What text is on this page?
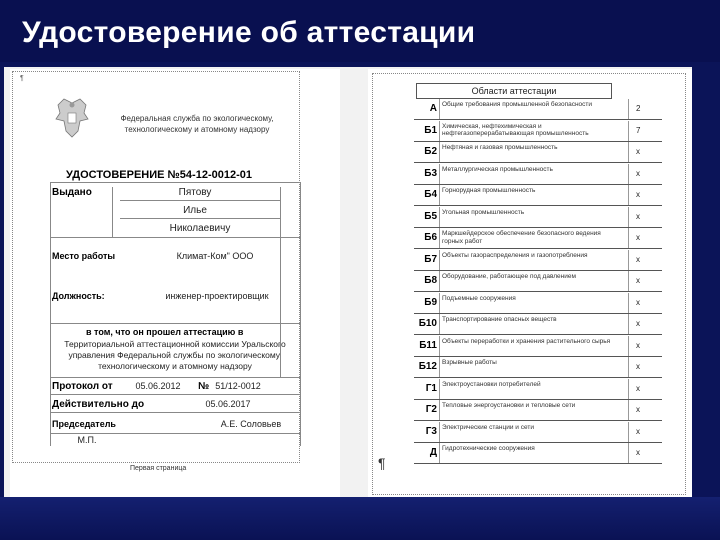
Удостоверение об аттестации
¶
Федеральная служба по экологическому, технологическому и атомному надзору
УДОСТОВЕРЕНИЕ №54-12-0012-01
Выдано	Пятову
Илье
Николаевичу
Место работы	Климат-Ком" ООО
Должность:	инженер-проектировщик
в том, что он прошел аттестацию в
Территориальной аттестационной комиссии Уральского управления Федеральной службы по экологическому, технологическому и атомному надзору
Протокол от	05.06.2012	№ 51/12-0012
Действительно до	05.06.2017
Председатель	А.Е. Соловьев
М.П.
Первая страница
Области аттестации
А Общие требования промышленной безопасности	2
Б1 Химическая, нефтехимическая и нефтегазоперерабатывающая промышленность	7
Б2 Нефтяная и газовая промышленность	x
Б3 Металлургическая промышленность	x
Б4 Горнорудная промышленность	x
Б5 Угольная промышленность	x
Б6 Маркшейдерское обеспечение безопасного ведения горных работ	x
Б7 Объекты газораспределения и газопотребления	x
Б8 Оборудование, работающее под давлением	x
Б9 Подъемные сооружения	x
Б10 Транспортирование опасных веществ	x
Б11 Объекты переработки и хранения растительного сырья	x
Б12 Взрывные работы	x
Г1 Электроустановки потребителей	x
Г2 Тепловые энергоустановки и тепловые сети	x
Г3 Электрические станции и сети	x
Д Гидротехнические сооружения	x
¶
